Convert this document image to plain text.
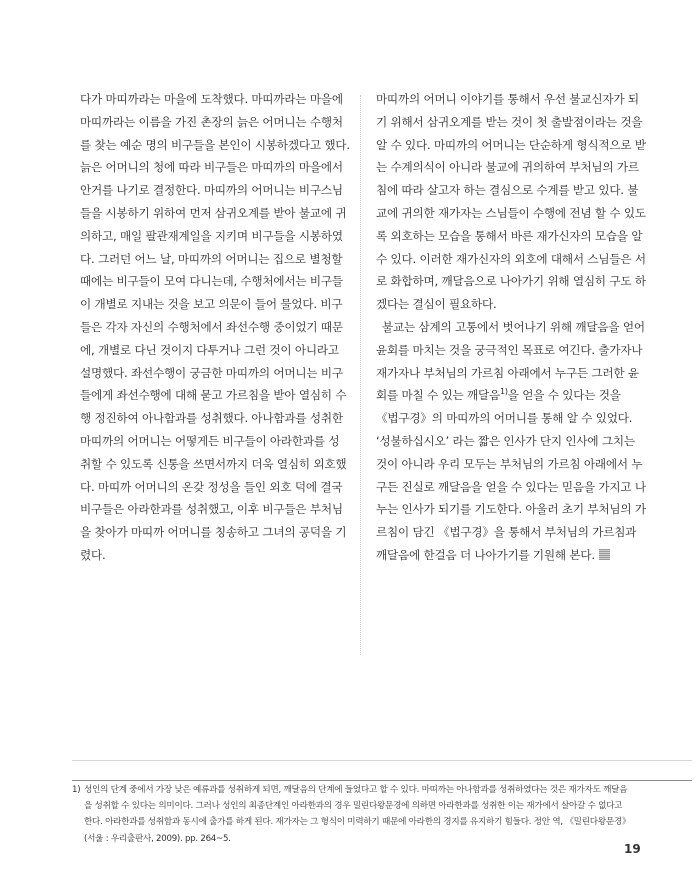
다가 마띠까라는 마을에 도착했다. 마띠까라는 마을에 마띠까라는 이름을 가진 촌장의 늙은 어머니는 수행처를 찾는 예순 명의 비구들을 본인이 시봉하겠다고 했다. 늙은 어머니의 청에 따라 비구들은 마띠까의 마을에서 안거를 나기로 결정한다. 마띠까의 어머니는 비구스님들을 시봉하기 위하여 먼저 삼귀오계를 받아 불교에 귀의하고, 매일 팔관재계일을 지키며 비구들을 시봉하였다. 그러던 어느 날, 마띠까의 어머니는 집으로 별청할 때에는 비구들이 모여 다니는데, 수행처에서는 비구들이 개별로 지내는 것을 보고 의문이 들어 물었다. 비구들은 각자 자신의 수행처에서 좌선수행 중이었기 때문에, 개별로 다닌 것이지 다투거나 그런 것이 아니라고 설명했다. 좌선수행이 궁금한 마띠까의 어머니는 비구들에게 좌선수행에 대해 묻고 가르침을 받아 열심히 수행 정진하여 아나함과를 성취했다. 아나함과를 성취한 마띠까의 어머니는 어떻게든 비구들이 아라한과를 성취할 수 있도록 신통을 쓰면서까지 더욱 열심히 외호했다. 마띠까 어머니의 온갖 정성을 들인 외호 덕에 결국 비구들은 아라한과를 성취했고, 이후 비구들은 부처님을 찾아가 마띠까 어머니를 칭송하고 그녀의 공덕을 기렸다.

마띠까의 어머니 이야기를 통해서 우선 불교신자가 되기 위해서 삼귀오계를 받는 것이 첫 출발점이라는 것을 알 수 있다. 마띠까의 어머니는 단순하게 형식적으로 받는 수계의식이 아니라 불교에 귀의하여 부처님의 가르침에 따라 살고자 하는 결심으로 수계를 받고 있다. 불교에 귀의한 재가자는 스님들이 수행에 전념 할 수 있도록 외호하는 모습을 통해서 바른 재가신자의 모습을 알 수 있다. 이러한 재가신자의 외호에 대해서 스님들은 서로 화합하며, 깨달음으로 나아가기 위해 열심히 구도 하겠다는 결심이 필요하다.

불교는 삼계의 고통에서 벗어나기 위해 깨달음을 얻어 윤회를 마치는 것을 궁극적인 목표로 여긴다. 출가자나 재가자나 부처님의 가르침 아래에서 누구든 그러한 윤회를 마칠 수 있는 깨달음$^{1)}$을 얻을 수 있다는 것을 《법구경》의 마띠까의 어머니를 통해 알 수 있었다. ‘성불하십시오’ 라는 짧은 인사가 단지 인사에 그치는 것이 아니라 우리 모두는 부처님의 가르침 아래에서 누구든 진실로 깨달음을 얻을 수 있다는 믿음을 가지고 나누는 인사가 되기를 기도한다. 아울러 초기 부처님의 가르침이 담긴 《법구경》을 통해서 부처님의 가르침과 깨달음에 한걸음 더 나아가기를 기원해 본다.

1) 성인의 단계 중에서 가장 낮은 예류과를 성취하게 되면, 깨달음의 단계에 들었다고 할 수 있다. 마띠까는 아나함과를 성취하였다는 것은 재가자도 깨달음을 성취할 수 있다는 의미이다. 그러나 성인의 최종단계인 아라한과의 경우 밀린다왕문경에 의하면 아라한과를 성취한 이는 재가에서 살아갈 수 없다고 한다. 아라한과를 성취함과 동시에 출가를 하게 된다. 재가자는 그 형식이 미력하기 때문에 아라한의 경지를 유지하기 힘들다. 정안 역, 《밀린다왕문경》 (서울 : 우리출판사, 2009). pp. 264~5.
19
